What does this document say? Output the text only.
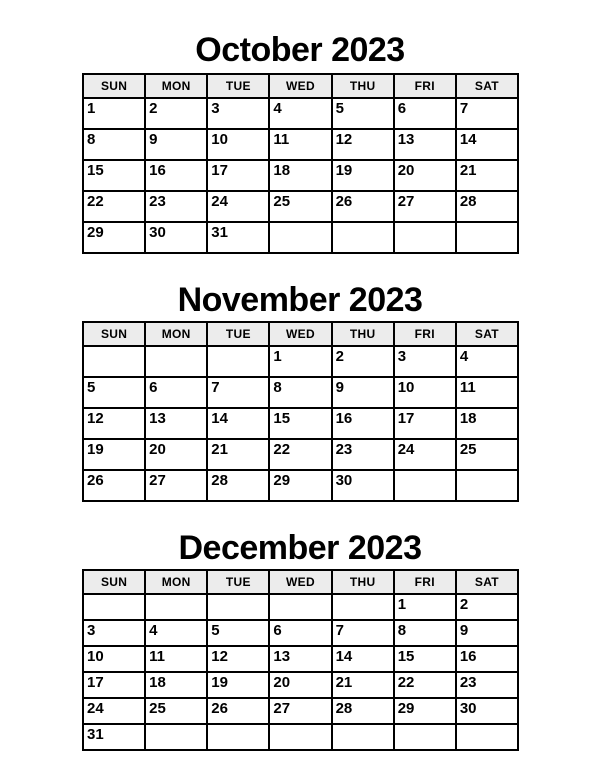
October 2023
SUN	MON	TUE	WED	THU	FRI	SAT
1	2	3	4	5	6	7
8	9	10	11	12	13	14
15	16	17	18	19	20	21
22	23	24	25	26	27	28
29	30	31				
November 2023
SUN	MON	TUE	WED	THU	FRI	SAT
			1	2	3	4
5	6	7	8	9	10	11
12	13	14	15	16	17	18
19	20	21	22	23	24	25
26	27	28	29	30		
December 2023
SUN	MON	TUE	WED	THU	FRI	SAT
					1	2
3	4	5	6	7	8	9
10	11	12	13	14	15	16
17	18	19	20	21	22	23
24	25	26	27	28	29	30
31						
